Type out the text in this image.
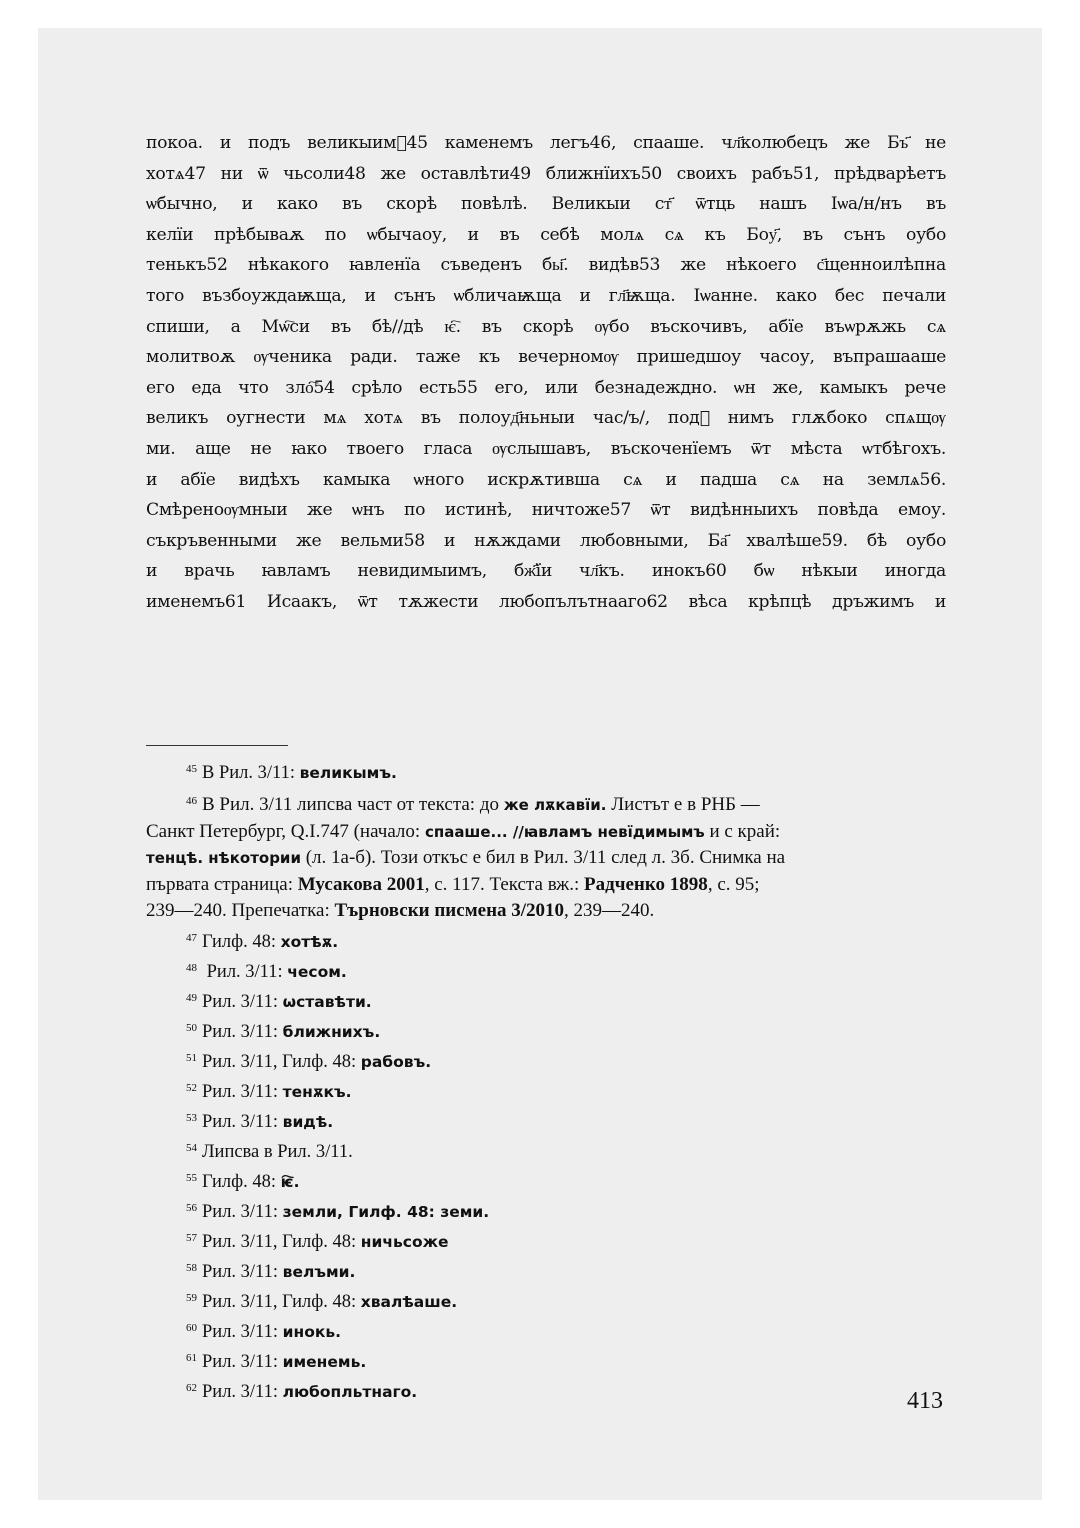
покоа. и подъ великыимⷺ45 каменемъ легъ46, спааше. чл҃колюбецъ же Бъ҃ не
хотѧ47 ни ѿ чьсоли48 же оставлѣти49 ближнїихъ50 своихъ рабъ51, прѣдварѣетъ
ѡбычно, и како въ скорѣ повѣлѣ. Великыи ст҃ ѿтць нашъ Іѡа/н/нъ въ
келїи прѣбываѫ по ѡбычаоу, и въ себѣ молѧ сѧ къ Боу҃, въ сънъ оубо
тенькъ52 нѣкакого ꙗвленїа съведенъ бы҃. видѣв53 же нѣкоего с҃щенноилѣпна
того възбоуждаѭща, и сънъ ѡбличаѭща и гл҃ѭща. Іѡанне. како бес печали
спиши, а Мѡ҇си въ бѣ//дѣ ѥ҇. въ скорѣ ѹбо въскочивъ, абїе въѡрѫжь сѧ
молитвоѫ ѹченика ради. таже къ вечерномѹ пришедшоу часоу, въпрашааше
его еда что зло҇54 срѣло есть55 его, или безнадеждно. ѡн же, камыкъ рече
великъ оугнести мѧ хотѧ въ полоуд҃ньныи час/ъ/, подⷺ нимъ глѫбоко спѧщѹ
ми. аще не ꙗко твоего гласа ѹслышавъ, въскоченїемъ ѿт мѣста ѡтбѣгохъ.
и абїе видѣхъ камыка ѡного искрѫтивша сѧ и падша сѧ на землѧ56.
Смѣреноѹмныи же ѡнъ по истинѣ, ничтоже57 ѿт видѣнныихъ повѣда емоу.
съкръвенными же вельми58 и нѫждами любовными, Ба҃ хвалѣше59. бѣ оубо
и врачь ꙗвламъ невидимыимъ, бж҃їи чл҃къ. инокъ60 бѡ нѣкыи иногда
именемъ61 Исаакъ, ѿт тѫжести любопълътнааго62 вѣса крѣпцѣ дръжимъ и
$^{45}$ В Рил. 3/11: великымъ.
$^{46}$ В Рил. 3/11 липсва част от текста: до же лѫкавїи. Листът е в РНБ —
Санкт Петербург, Q.I.747 (начало: спааше... //ꙗвламъ невїдимымъ и с край:
тенцѣ. нѣкотории (л. 1а-б). Този откъс е бил в Рил. 3/11 след л. 3б. Снимка на
първата страница: Мусакова 2001, с. 117. Текста вж.: Радченко 1898, с. 95;
239—240. Препечатка: Търновски писмена 3/2010, 239—240.
$^{47}$ Гилф. 48: хотѣѫ.
$^{48}$ Рил. 3/11: чесом.
$^{49}$ Рил. 3/11: ѡставѣти.
$^{50}$ Рил. 3/11: ближнихъ.
$^{51}$ Рил. 3/11, Гилф. 48: рабовъ.
$^{52}$ Рил. 3/11: тенѫкъ.
$^{53}$ Рил. 3/11: видѣ.
$^{54}$ Липсва в Рил. 3/11.
$^{55}$ Гилф. 48: ѥ҇.
$^{56}$ Рил. 3/11: земли, Гилф. 48: земи.
$^{57}$ Рил. 3/11, Гилф. 48: ничьсоже
$^{58}$ Рил. 3/11: велъми.
$^{59}$ Рил. 3/11, Гилф. 48: хвалѣаше.
$^{60}$ Рил. 3/11: инокь.
$^{61}$ Рил. 3/11: именемь.
$^{62}$ Рил. 3/11: любопльтнаго.	413
